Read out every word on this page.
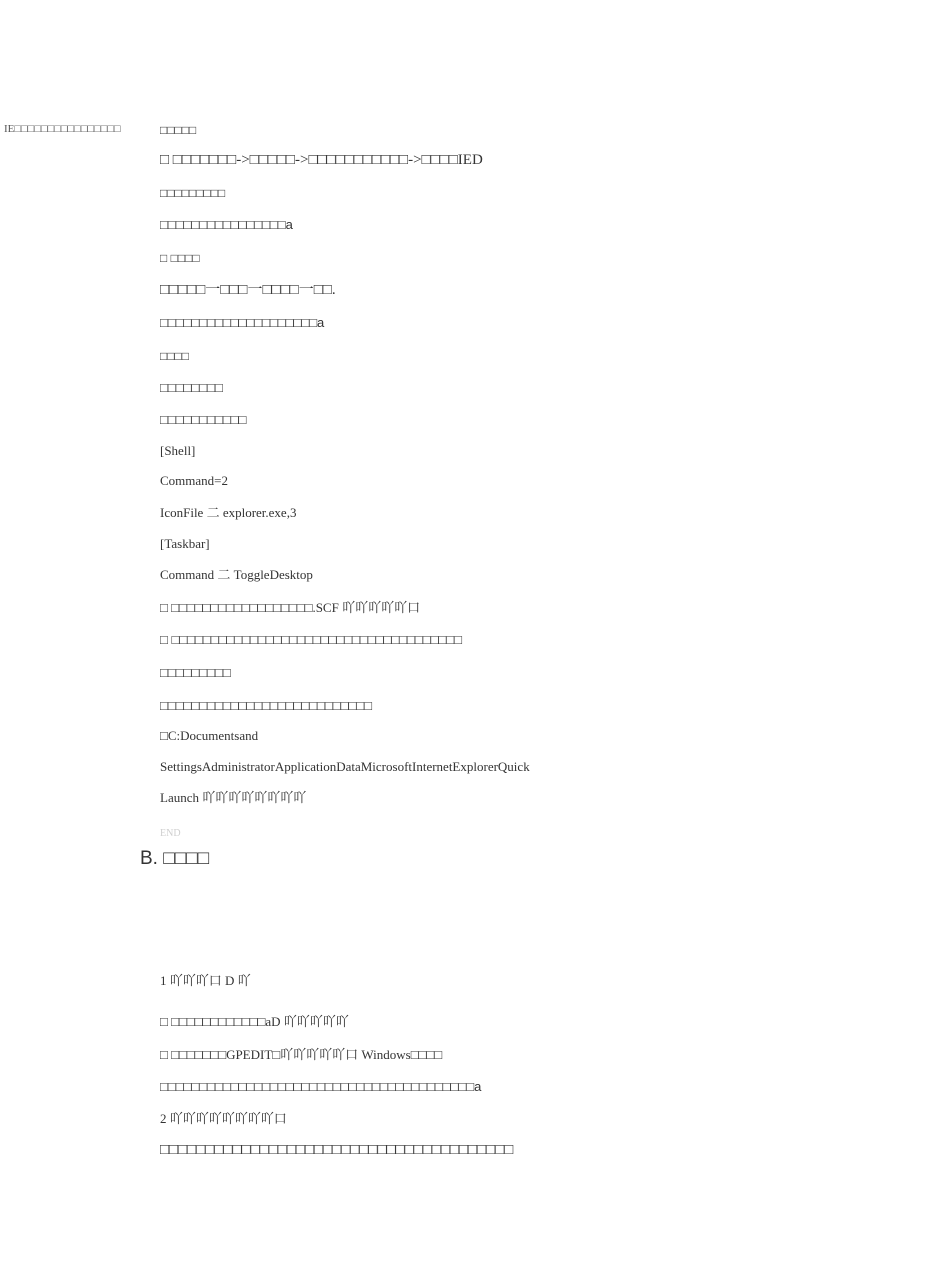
IE□□□□□□□□□□□□□□□□	□□□□□
□ □□□□□□□->□□□□□->□□□□□□□□□□□->□□□□IED
□□□□□□□□□
□□□□□□□□□□□□□□□□a
□ □□□□
□□□□□一□□□一□□□□一□□.
□□□□□□□□□□□□□□□□□□□□a
□□□□
□□□□□□□□
□□□□□□□□□□□
[Shell]
Command=2
IconFile 二 explorer.exe,3
[Taskbar]
Command 二 ToggleDesktop
□ □□□□□□□□□□□□□□□□□□.SCF 吖吖吖吖吖口
□ □□□□□□□□□□□□□□□□□□□□□□□□□□□□□□□□□□□□□
□□□□□□□□□
□□□□□□□□□□□□□□□□□□□□□□□□□□□
□C:Documentsand
SettingsAdministratorApplicationDataMicrosoftInternetExplorerQuick
Launch 吖吖吖吖吖吖吖吖
1 吖吖吖口 D 吖
□ □□□□□□□□□□□□aD 吖吖吖吖吖
□ □□□□□□□GPEDIT□吖吖吖吖吖口 Windows□□□□
□□□□□□□□□□□□□□□□□□□□□□□□□□□□□□□□□□□□□□□□a
2 吖吖吖吖吖吖吖吖口
□□□□□□□□□□□□□□□□□□□□□□□□□□□□□□□□□□□□□□□
END
B. □□□□
